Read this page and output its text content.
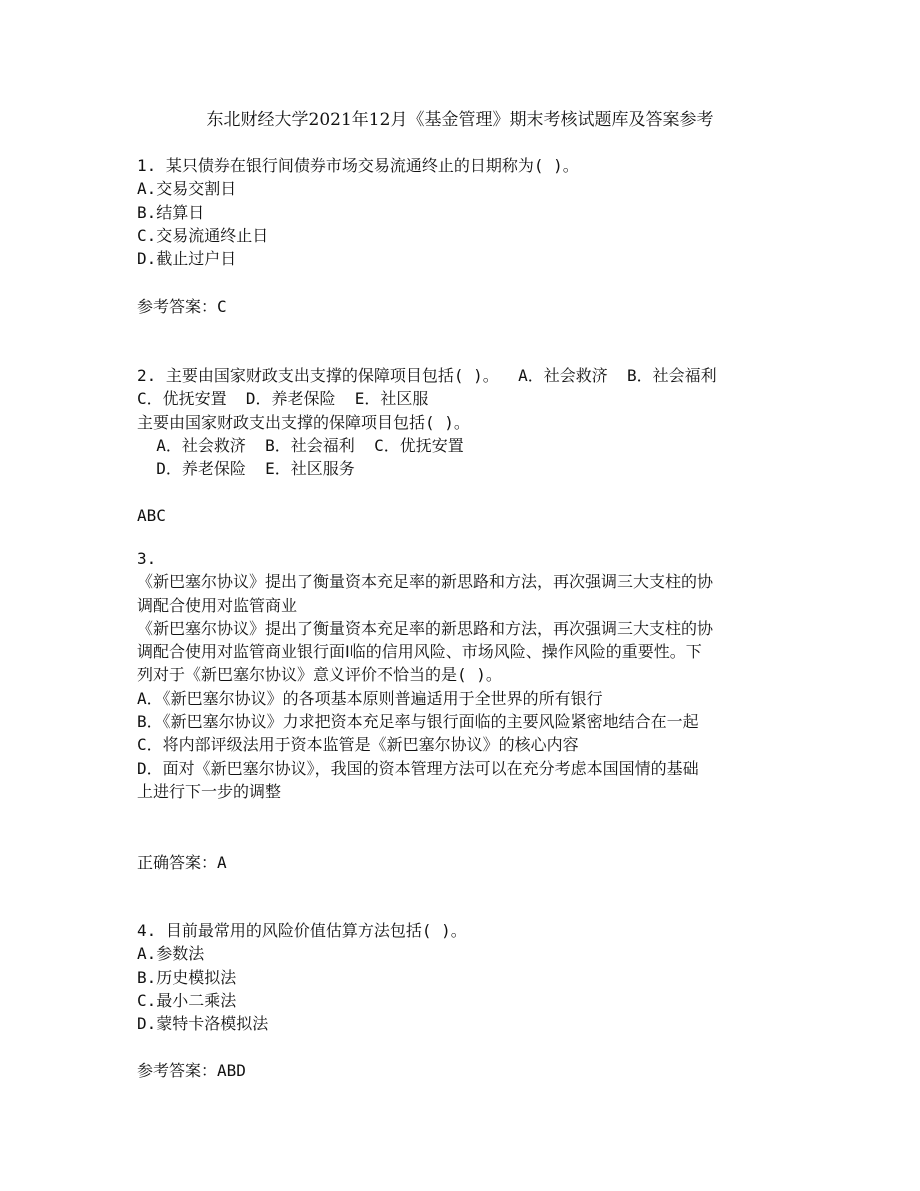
东北财经大学2021年12月《基金管理》期末考核试题库及答案参考
1. 某只债券在银行间债券市场交易流通终止的日期称为( )。
A.交易交割日
B.结算日
C.交易流通终止日
D.截止过户日
参考答案：C
2. 主要由国家财政支出支撑的保障项目包括( )。  A．社会救济  B．社会福利
C．优抚安置  D．养老保险  E．社区服
主要由国家财政支出支撑的保障项目包括( )。
A．社会救济  B．社会福利  C．优抚安置
D．养老保险  E．社区服务
ABC
3.
《新巴塞尔协议》提出了衡量资本充足率的新思路和方法，再次强调三大支柱的协
调配合使用对监管商业
《新巴塞尔协议》提出了衡量资本充足率的新思路和方法，再次强调三大支柱的协
调配合使用对监管商业银行面Ⅰ临的信用风险、市场风险、操作风险的重要性。下
列对于《新巴塞尔协议》意义评价不恰当的是( )。
A．《新巴塞尔协议》的各项基本原则普遍适用于全世界的所有银行
B．《新巴塞尔协议》力求把资本充足率与银行面临的主要风险紧密地结合在一起
C．将内部评级法用于资本监管是《新巴塞尔协议》的核心内容
D．面对《新巴塞尔协议》，我国的资本管理方法可以在充分考虑本国国情的基础
上进行下一步的调整
正确答案：A
4. 目前最常用的风险价值估算方法包括( )。
A.参数法
B.历史模拟法
C.最小二乘法
D.蒙特卡洛模拟法
参考答案：ABD
